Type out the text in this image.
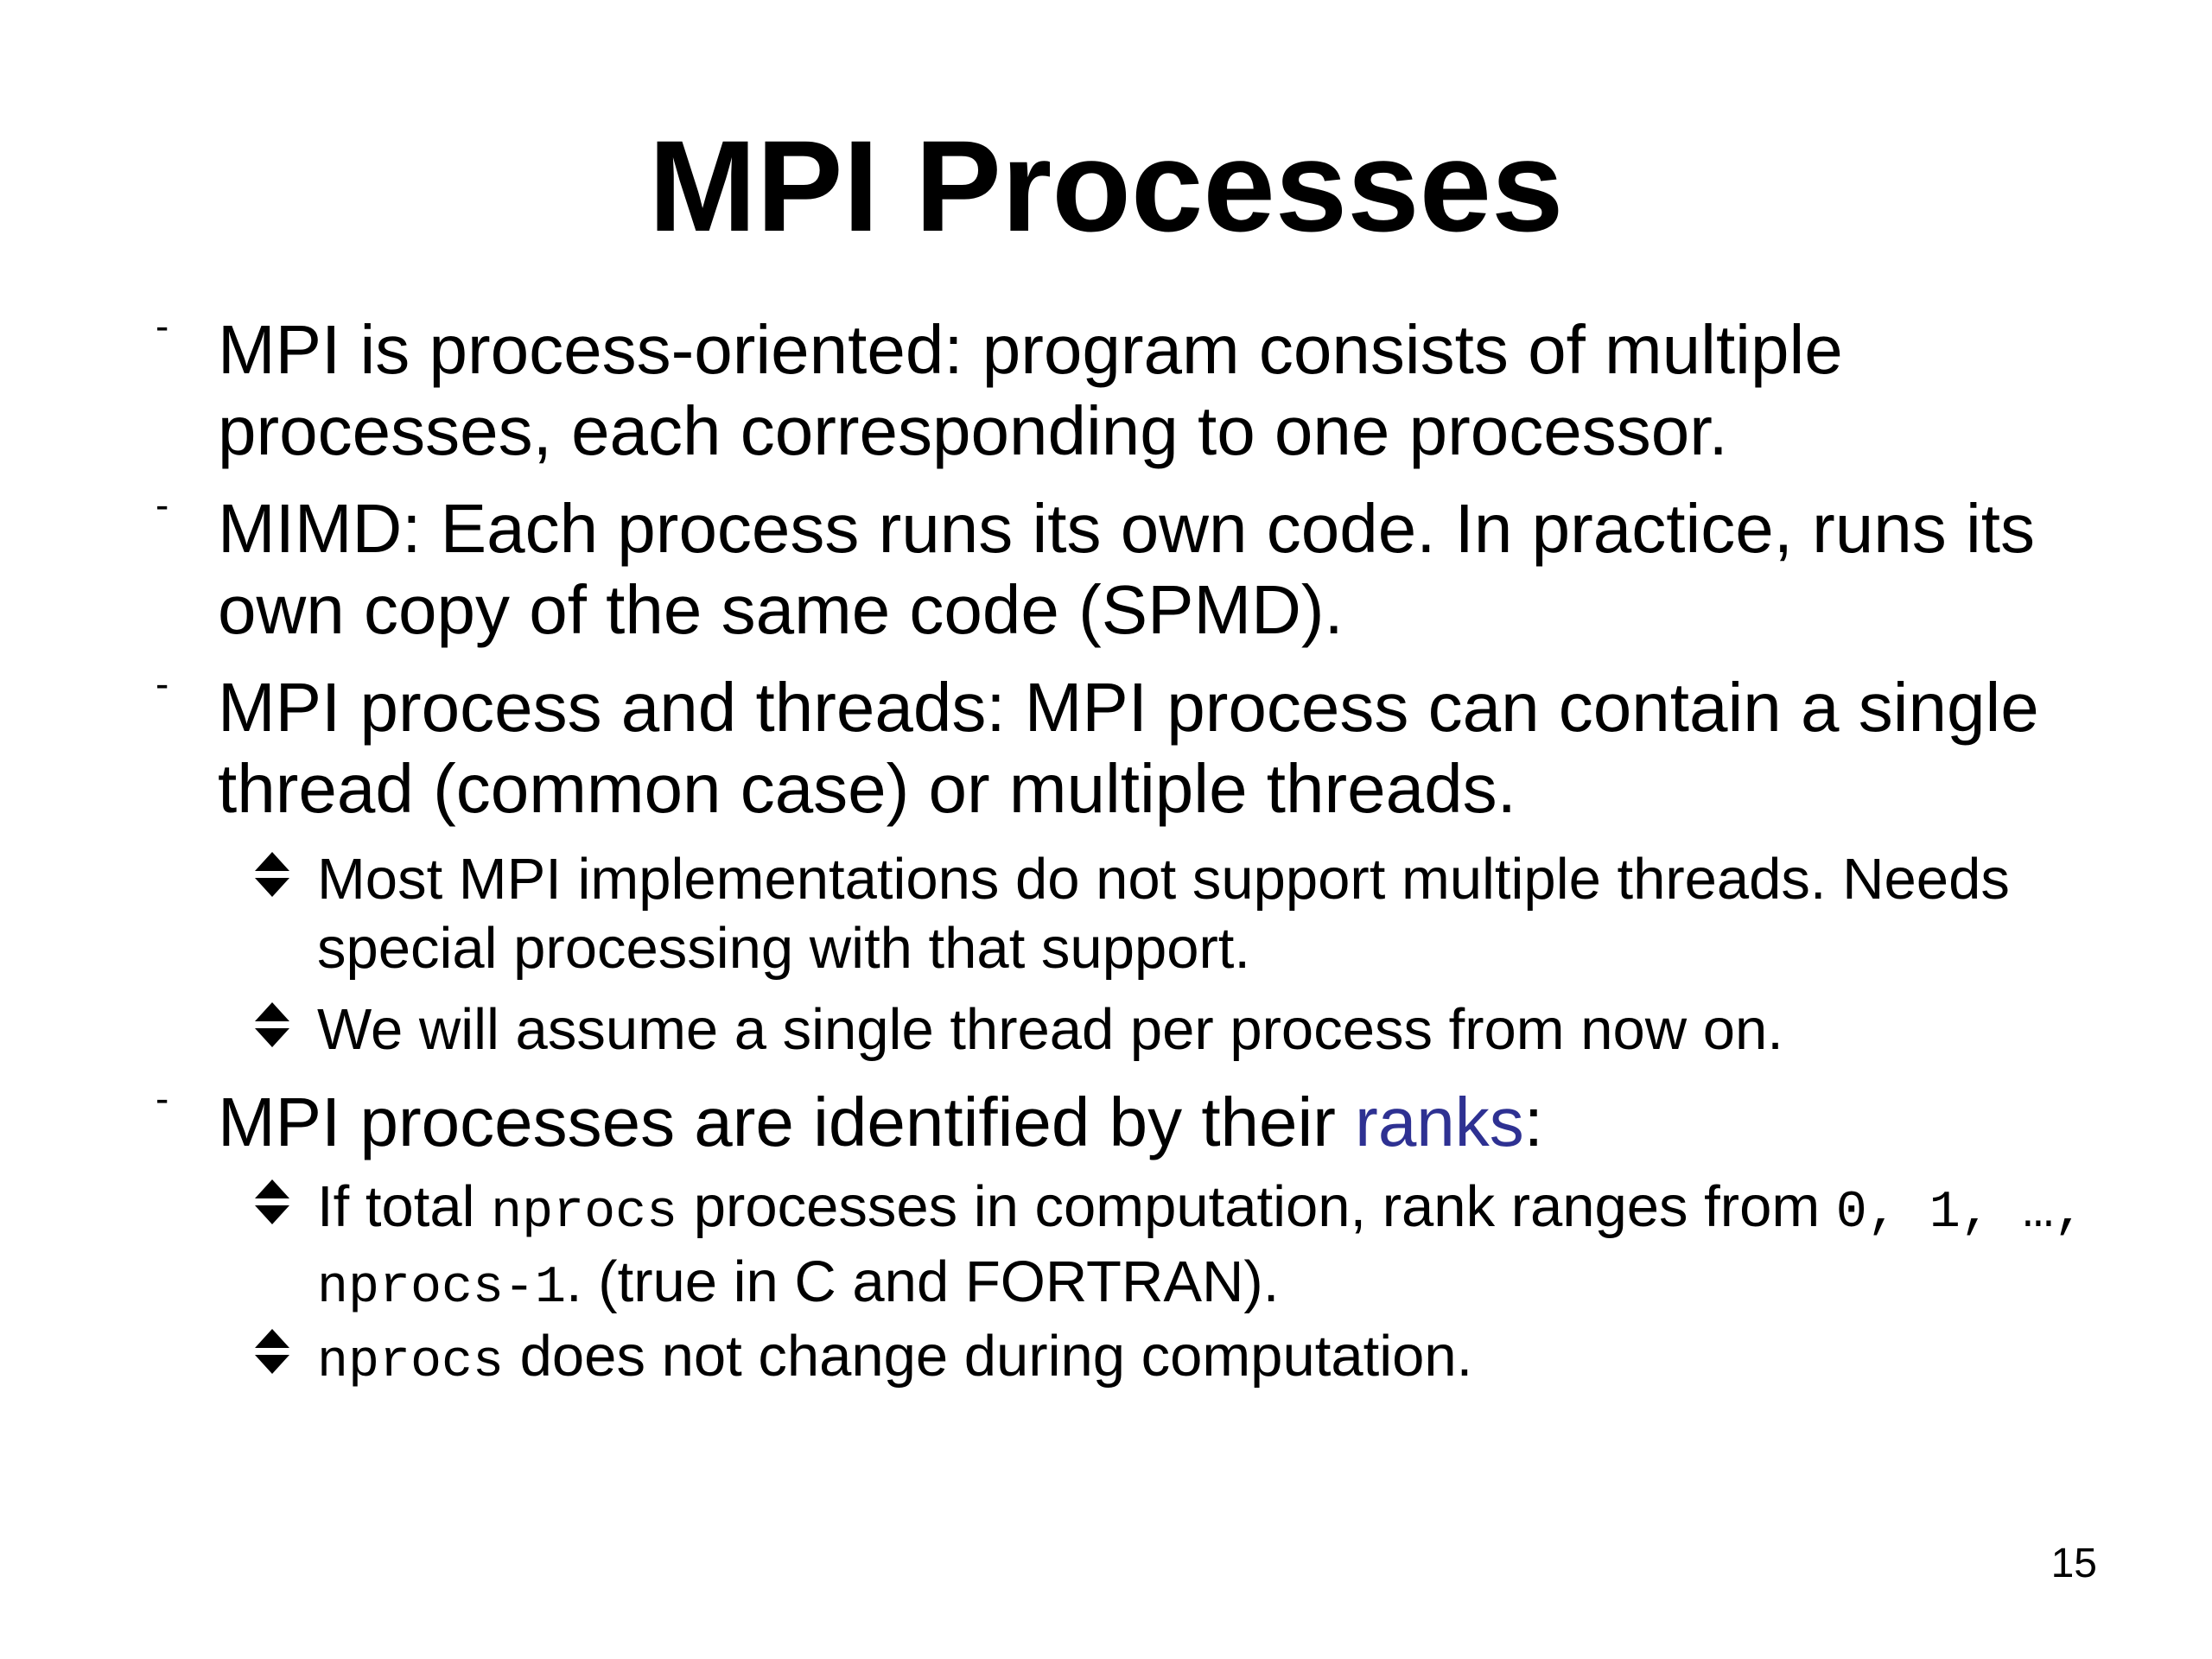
MPI Processes
- MPI is process-oriented: program consists of multiple processes, each corresponding to one processor.
- MIMD: Each process runs its own code. In practice, runs its own copy of the same code (SPMD).
- MPI process and threads: MPI process can contain a single thread (common case) or multiple threads.
Most MPI implementations do not support multiple threads. Needs special processing with that support.
We will assume a single thread per process from now on.
- MPI processes are identified by their ranks:
If total nprocs processes in computation, rank ranges from 0, 1, …, nprocs-1. (true in C and FORTRAN).
nprocs does not change during computation.
15
